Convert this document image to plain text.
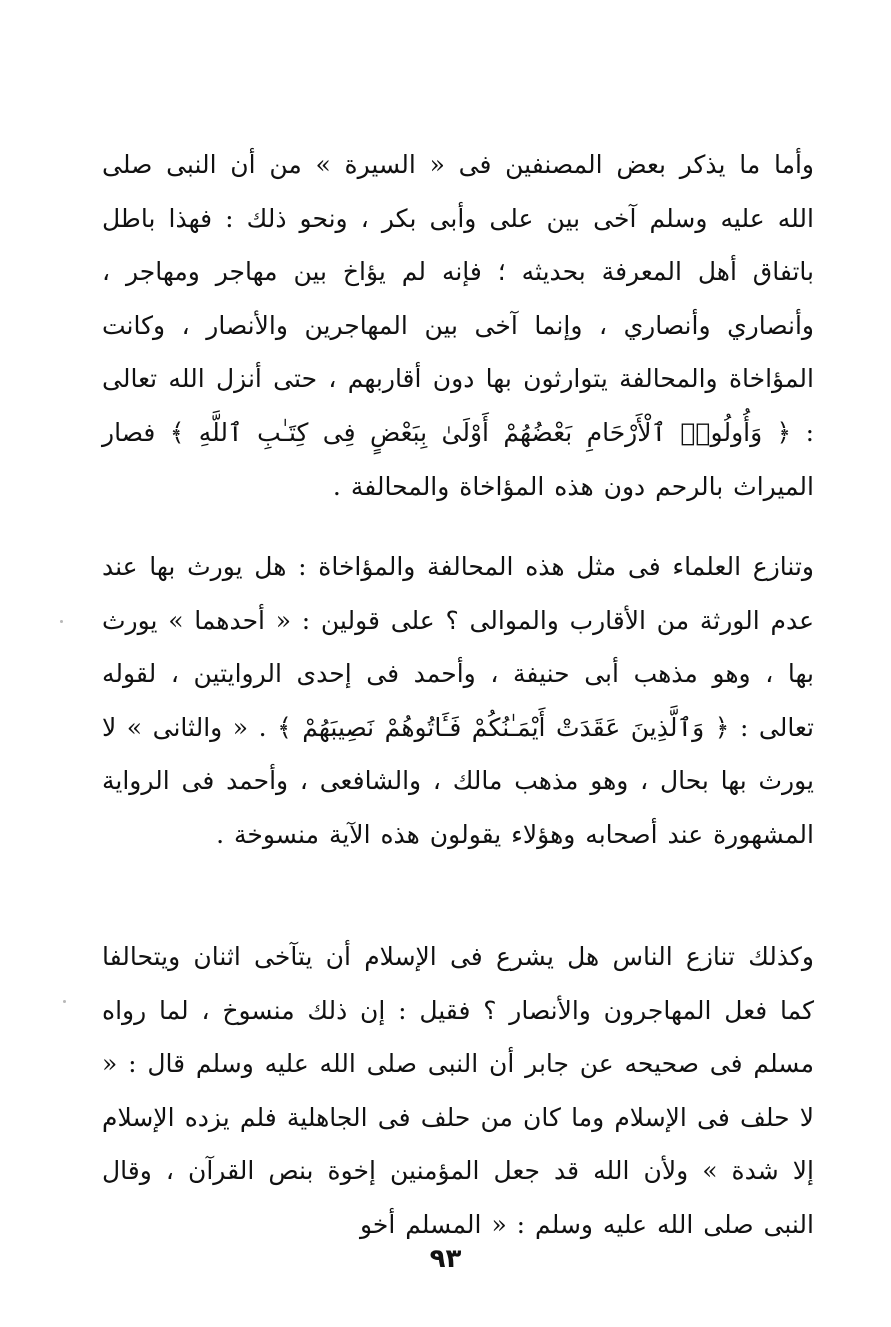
وأما ما يذكر بعض المصنفين فى « السيرة » من أن النبى صلى الله عليه وسلم آخى بين على وأبى بكر ، ونحو ذلك : فهذا باطل باتفاق أهل المعرفة بحديثه ؛ فإنه لم يؤاخ بين مهاجر ومهاجر ، وأنصاري وأنصاري ، وإنما آخى بين المهاجرين والأنصار ، وكانت المؤاخاة والمحالفة يتوارثون بها دون أقاربهم ، حتى أنزل الله تعالى : ﴿ وَأُولُوا۟ ٱلْأَرْحَامِ بَعْضُهُمْ أَوْلَىٰ بِبَعْضٍ فِى كِتَـٰبِ ٱللَّهِ ﴾ فصار الميراث بالرحم دون هذه المؤاخاة والمحالفة .
وتنازع العلماء فى مثل هذه المحالفة والمؤاخاة : هل يورث بها عند عدم الورثة من الأقارب والموالى ؟ على قولين : « أحدهما » يورث بها ، وهو مذهب أبى حنيفة ، وأحمد فى إحدى الروايتين ، لقوله تعالى : ﴿ وَٱلَّذِينَ عَقَدَتْ أَيْمَـٰنُكُمْ فَـَٔاتُوهُمْ نَصِيبَهُمْ ﴾ . « والثانى » لا يورث بها بحال ، وهو مذهب مالك ، والشافعى ، وأحمد فى الرواية المشهورة عند أصحابه وهؤلاء يقولون هذه الآية منسوخة .
وكذلك تنازع الناس هل يشرع فى الإسلام أن يتآخى اثنان ويتحالفا كما فعل المهاجرون والأنصار ؟ فقيل : إن ذلك منسوخ ، لما رواه مسلم فى صحيحه عن جابر أن النبى صلى الله عليه وسلم قال : « لا حلف فى الإسلام وما كان من حلف فى الجاهلية فلم يزده الإسلام إلا شدة » ولأن الله قد جعل المؤمنين إخوة بنص القرآن ، وقال النبى صلى الله عليه وسلم : « المسلم أخو
٩٣
